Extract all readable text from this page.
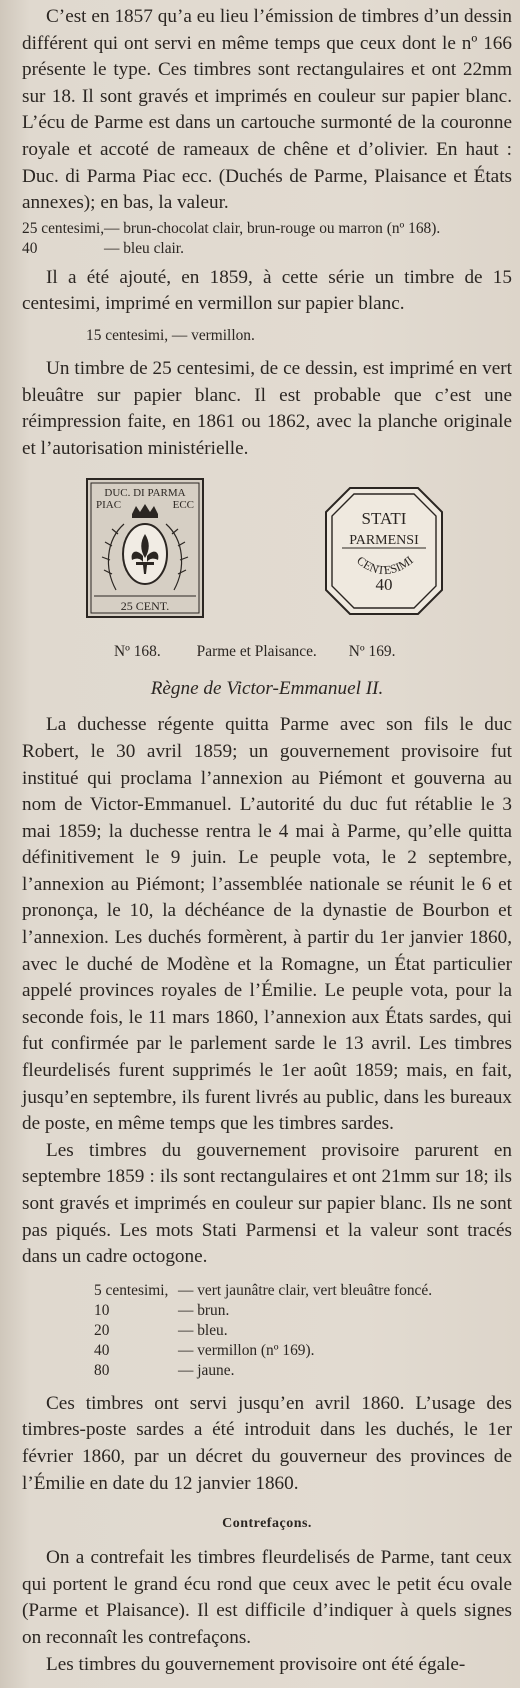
C’est en 1857 qu’a eu lieu l’émission de timbres d’un dessin différent qui ont servi en même temps que ceux dont le nº 166 présente le type. Ces timbres sont rectangulaires et ont 22mm sur 18. Il sont gravés et imprimés en couleur sur papier blanc. L’écu de Parme est dans un cartouche surmonté de la couronne royale et accoté de rameaux de chêne et d’olivier. En haut : Duc. di Parma Piac ecc. (Duchés de Parme, Plaisance et États annexes); en bas, la valeur.

25 centesimi, — brun-chocolat clair, brun-rouge ou marron (nº 168).
40	— bleu clair.

Il a été ajouté, en 1859, à cette série un timbre de 15 centesimi, imprimé en vermillon sur papier blanc.

15 centesimi, — vermillon.

Un timbre de 25 centesimi, de ce dessin, est imprimé en vert bleuâtre sur papier blanc. Il est probable que c’est une réimpression faite, en 1861 ou 1862, avec la planche originale et l’autorisation ministérielle.

DUC. DI PARMA
PIAC	ECC
25 CENT.
STATI
PARMENSI
CENTESIMI
40
Nº 168. Parme et Plaisance. Nº 169.
Règne de Victor-Emmanuel II.

La duchesse régente quitta Parme avec son fils le duc Robert, le 30 avril 1859; un gouvernement provisoire fut institué qui proclama l’annexion au Piémont et gouverna au nom de Victor-Emmanuel. L’autorité du duc fut rétablie le 3 mai 1859; la duchesse rentra le 4 mai à Parme, qu’elle quitta définitivement le 9 juin. Le peuple vota, le 2 septembre, l’annexion au Piémont; l’assemblée nationale se réunit le 6 et prononça, le 10, la déchéance de la dynastie de Bourbon et l’annexion. Les duchés formèrent, à partir du 1er janvier 1860, avec le duché de Modène et la Romagne, un État particulier appelé provinces royales de l’Émilie. Le peuple vota, pour la seconde fois, le 11 mars 1860, l’annexion aux États sardes, qui fut confirmée par le parlement sarde le 13 avril. Les timbres fleurdelisés furent supprimés le 1er août 1859; mais, en fait, jusqu’en septembre, ils furent livrés au public, dans les bureaux de poste, en même temps que les timbres sardes.

Les timbres du gouvernement provisoire parurent en septembre 1859 : ils sont rectangulaires et ont 21mm sur 18; ils sont gravés et imprimés en couleur sur papier blanc. Ils ne sont pas piqués. Les mots Stati Parmensi et la valeur sont tracés dans un cadre octogone.

5 centesimi, — vert jaunâtre clair, vert bleuâtre foncé.
10	— brun.
20	— bleu.
40	— vermillon (nº 169).
80	— jaune.

Ces timbres ont servi jusqu’en avril 1860. L’usage des timbres-poste sardes a été introduit dans les duchés, le 1er février 1860, par un décret du gouverneur des provinces de l’Émilie en date du 12 janvier 1860.

Contrefaçons.

On a contrefait les timbres fleurdelisés de Parme, tant ceux qui portent le grand écu rond que ceux avec le petit écu ovale (Parme et Plaisance). Il est difficile d’indiquer à quels signes on reconnaît les contrefaçons.

Les timbres du gouvernement provisoire ont été égale-
